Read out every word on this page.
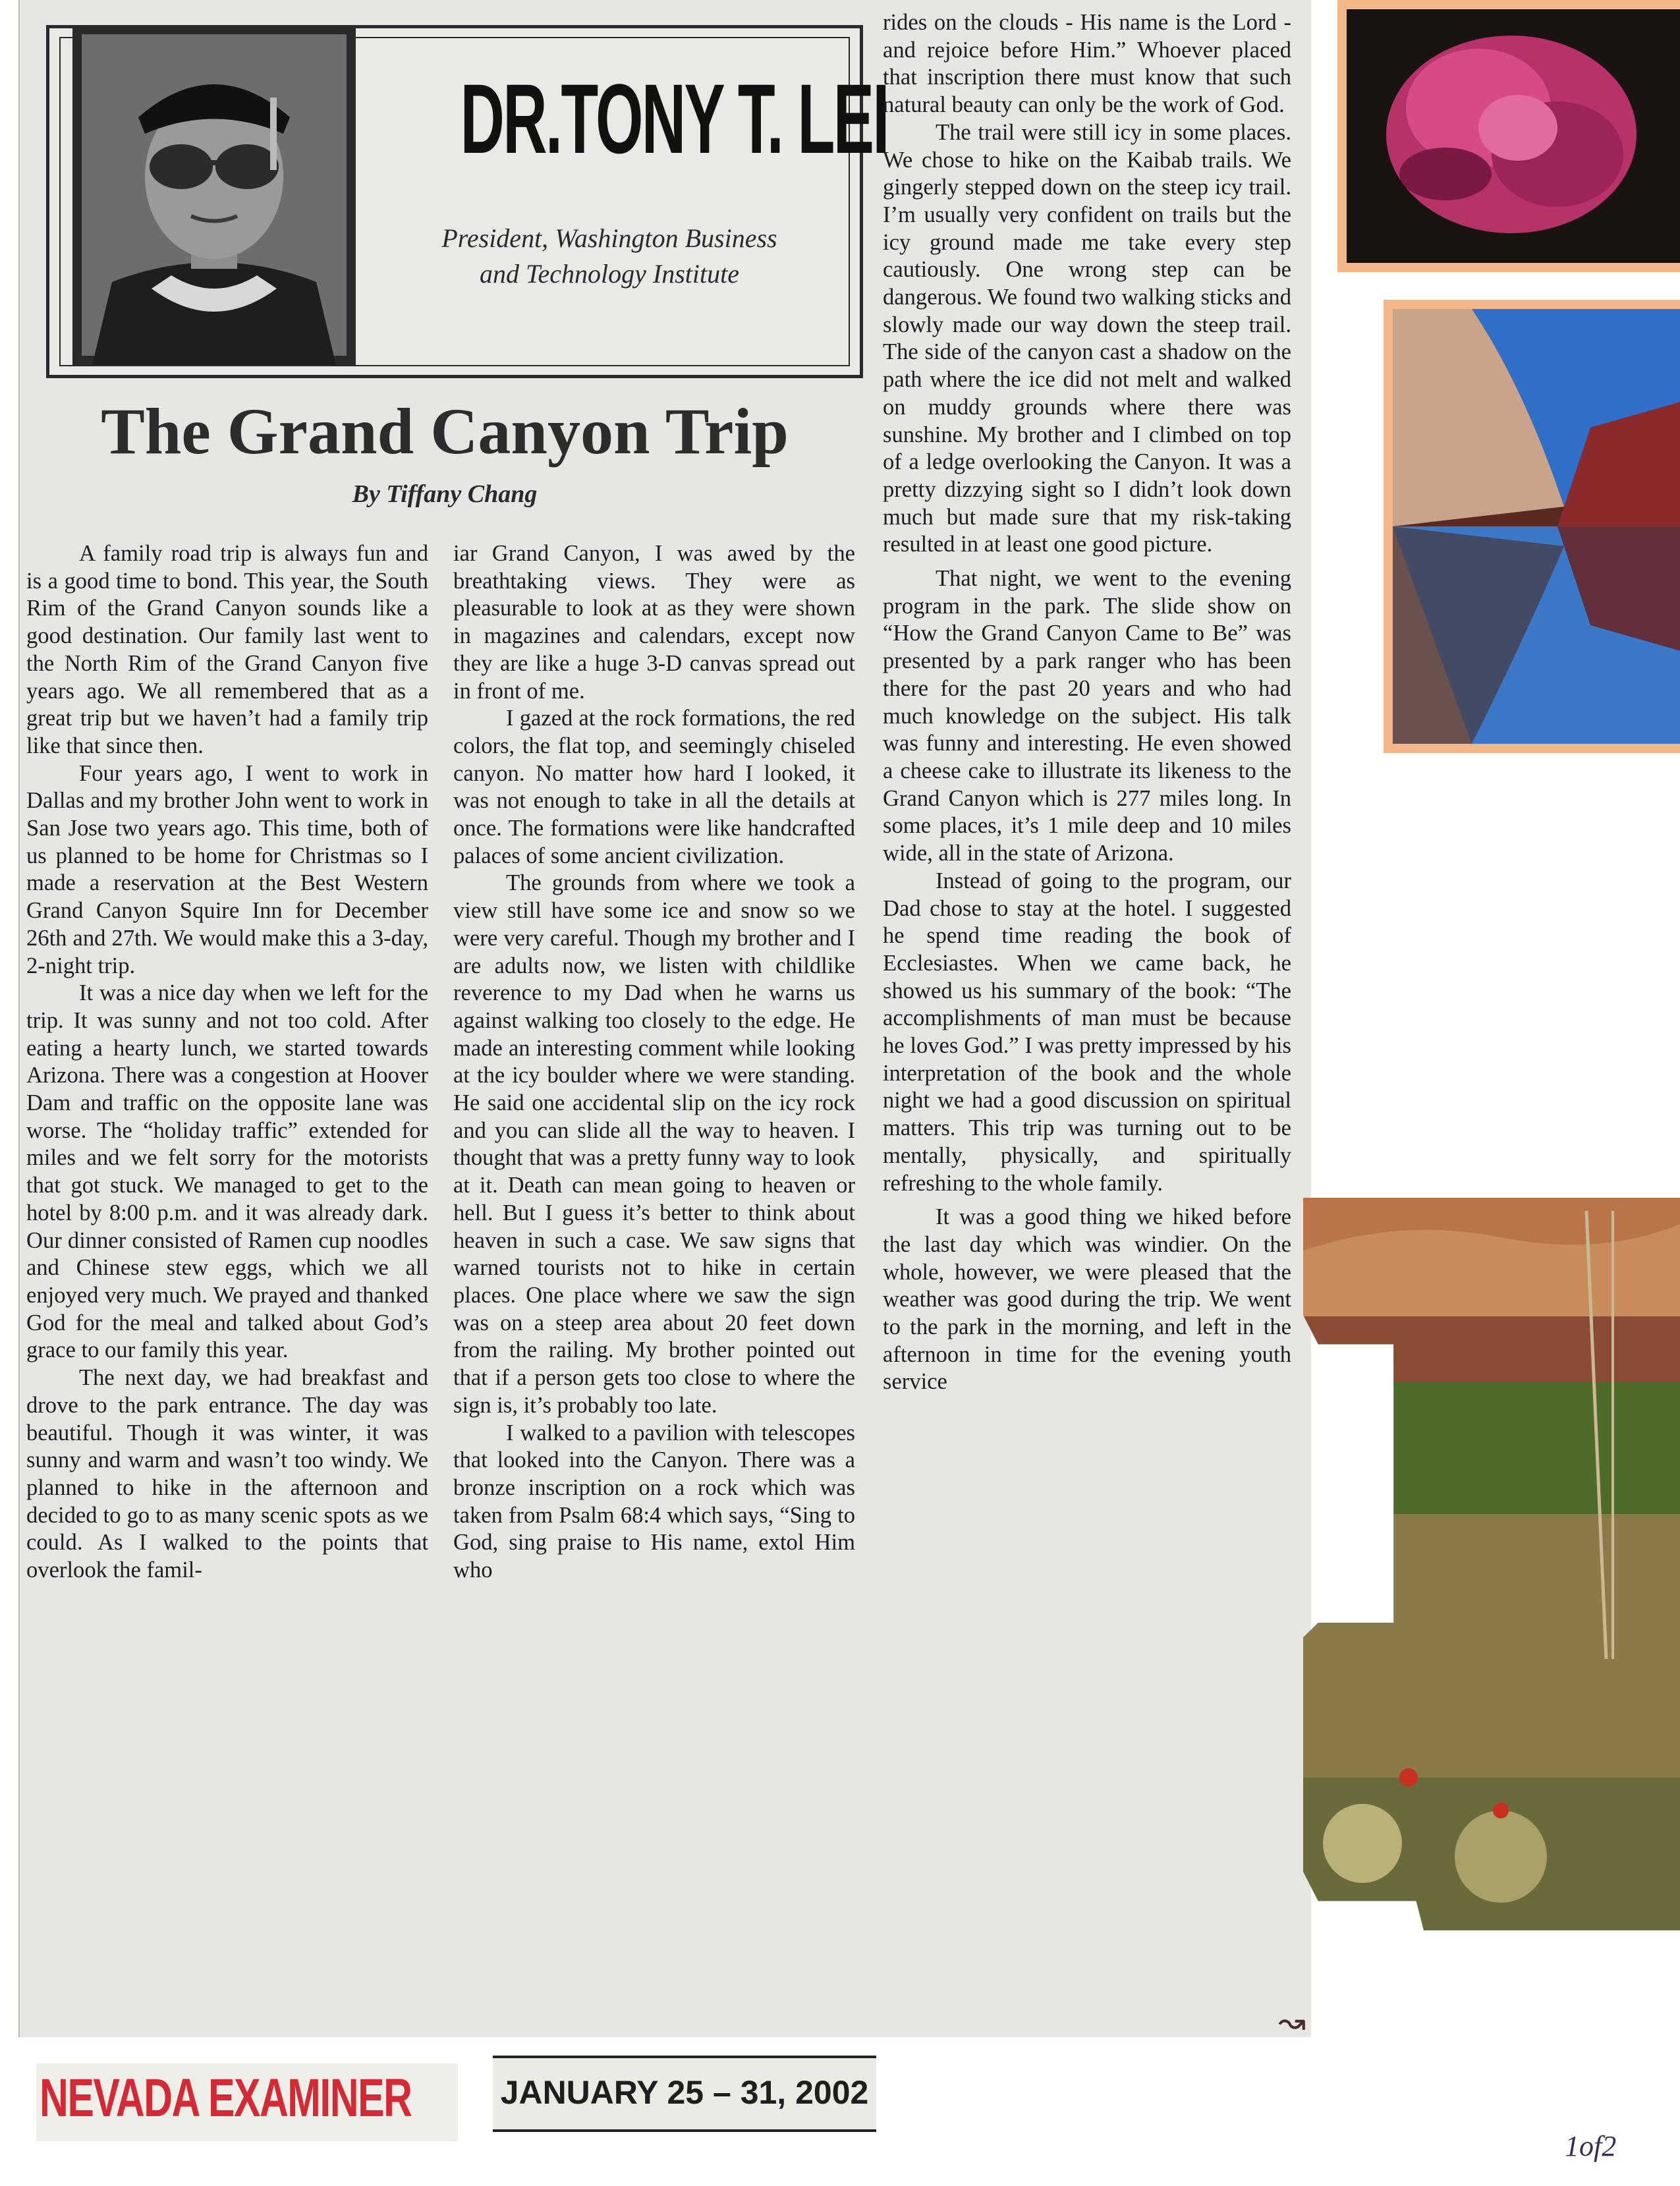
DR.TONY T. LEI
President, Washington Business
and Technology Institute
The Grand Canyon Trip
By Tiffany Chang

A family road trip is always fun and is a good time to bond. This year, the South Rim of the Grand Canyon sounds like a good destination. Our family last went to the North Rim of the Grand Canyon five years ago. We all remembered that as a great trip but we haven’t had a family trip like that since then.

Four years ago, I went to work in Dallas and my brother John went to work in San Jose two years ago. This time, both of us planned to be home for Christmas so I made a reservation at the Best Western Grand Canyon Squire Inn for December 26th and 27th. We would make this a 3-day, 2-night trip.

It was a nice day when we left for the trip. It was sunny and not too cold. After eating a hearty lunch, we started towards Arizona. There was a congestion at Hoover Dam and traffic on the opposite lane was worse. The “holiday traffic” extended for miles and we felt sorry for the motorists that got stuck. We managed to get to the hotel by 8:00 p.m. and it was already dark. Our dinner consisted of Ramen cup noodles and Chinese stew eggs, which we all enjoyed very much. We prayed and thanked God for the meal and talked about God’s grace to our family this year.

The next day, we had breakfast and drove to the park entrance. The day was beautiful. Though it was winter, it was sunny and warm and wasn’t too windy. We planned to hike in the afternoon and decided to go to as many scenic spots as we could. As I walked to the points that overlook the famil-

iar Grand Canyon, I was awed by the breathtaking views. They were as pleasurable to look at as they were shown in magazines and calendars, except now they are like a huge 3-D canvas spread out in front of me.

I gazed at the rock formations, the red colors, the flat top, and seemingly chiseled canyon. No matter how hard I looked, it was not enough to take in all the details at once. The formations were like handcrafted palaces of some ancient civilization.

The grounds from where we took a view still have some ice and snow so we were very careful. Though my brother and I are adults now, we listen with childlike reverence to my Dad when he warns us against walking too closely to the edge. He made an interesting comment while looking at the icy boulder where we were standing. He said one accidental slip on the icy rock and you can slide all the way to heaven. I thought that was a pretty funny way to look at it. Death can mean going to heaven or hell. But I guess it’s better to think about heaven in such a case. We saw signs that warned tourists not to hike in certain places. One place where we saw the sign was on a steep area about 20 feet down from the railing. My brother pointed out that if a person gets too close to where the sign is, it’s probably too late.

I walked to a pavilion with telescopes that looked into the Canyon. There was a bronze inscription on a rock which was taken from Psalm 68:4 which says, “Sing to God, sing praise to His name, extol Him who

rides on the clouds - His name is the Lord - and rejoice before Him.” Whoever placed that inscription there must know that such natural beauty can only be the work of God.

The trail were still icy in some places. We chose to hike on the Kaibab trails. We gingerly stepped down on the steep icy trail. I’m usually very confident on trails but the icy ground made me take every step cautiously. One wrong step can be dangerous. We found two walking sticks and slowly made our way down the steep trail. The side of the canyon cast a shadow on the path where the ice did not melt and walked on muddy grounds where there was sunshine. My brother and I climbed on top of a ledge overlooking the Canyon. It was a pretty dizzying sight so I didn’t look down much but made sure that my risk-taking resulted in at least one good picture.

That night, we went to the evening program in the park. The slide show on “How the Grand Canyon Came to Be” was presented by a park ranger who has been there for the past 20 years and who had much knowledge on the subject. His talk was funny and interesting. He even showed a cheese cake to illustrate its likeness to the Grand Canyon which is 277 miles long. In some places, it’s 1 mile deep and 10 miles wide, all in the state of Arizona.

Instead of going to the program, our Dad chose to stay at the hotel. I suggested he spend time reading the book of Ecclesiastes. When we came back, he showed us his summary of the book: “The accomplishments of man must be because he loves God.” I was pretty impressed by his interpretation of the book and the whole night we had a good discussion on spiritual matters. This trip was turning out to be mentally, physically, and spiritually refreshing to the whole family.

It was a good thing we hiked before the last day which was windier. On the whole, however, we were pleased that the weather was good during the trip. We went to the park in the morning, and left in the afternoon in time for the evening youth service

NEVADA EXAMINER	JANUARY 25 – 31, 2002
↝
1of2
